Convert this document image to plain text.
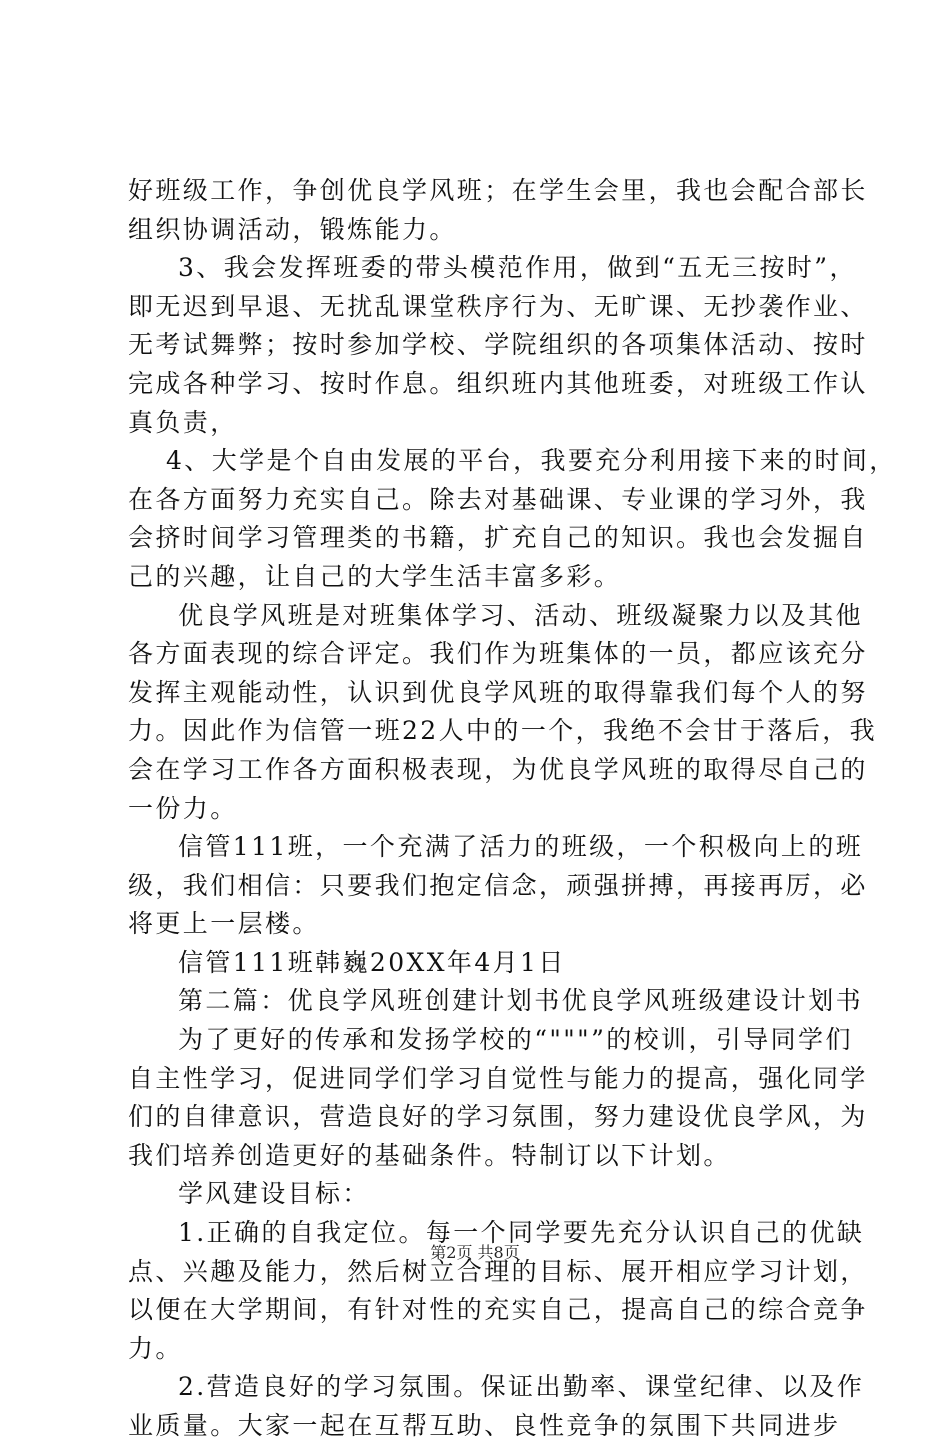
好班级工作，争创优良学风班；在学生会里，我也会配合部长
组织协调活动，锻炼能力。
3、我会发挥班委的带头模范作用，做到“五无三按时”，
即无迟到早退、无扰乱课堂秩序行为、无旷课、无抄袭作业、
无考试舞弊；按时参加学校、学院组织的各项集体活动、按时
完成各种学习、按时作息。组织班内其他班委，对班级工作认
真负责，
4、大学是个自由发展的平台，我要充分利用接下来的时间，
在各方面努力充实自己。除去对基础课、专业课的学习外，我
会挤时间学习管理类的书籍，扩充自己的知识。我也会发掘自
己的兴趣，让自己的大学生活丰富多彩。
优良学风班是对班集体学习、活动、班级凝聚力以及其他
各方面表现的综合评定。我们作为班集体的一员，都应该充分
发挥主观能动性，认识到优良学风班的取得靠我们每个人的努
力。因此作为信管一班22人中的一个，我绝不会甘于落后，我
会在学习工作各方面积极表现，为优良学风班的取得尽自己的
一份力。
信管111班，一个充满了活力的班级，一个积极向上的班
级，我们相信：只要我们抱定信念，顽强拼搏，再接再厉，必
将更上一层楼。
信管111班韩巍20XX年4月1日
第二篇：优良学风班创建计划书优良学风班级建设计划书
为了更好的传承和发扬学校的“"""”的校训，引导同学们
自主性学习，促进同学们学习自觉性与能力的提高，强化同学
们的自律意识，营造良好的学习氛围，努力建设优良学风，为
我们培养创造更好的基础条件。特制订以下计划。
学风建设目标：
1.正确的自我定位。每一个同学要先充分认识自己的优缺
点、兴趣及能力，然后树立合理的目标、展开相应学习计划，
以便在大学期间，有针对性的充实自己，提高自己的综合竞争
力。
2.营造良好的学习氛围。保证出勤率、课堂纪律、以及作
业质量。大家一起在互帮互助、良性竞争的氛围下共同进步
第2页 共8页
